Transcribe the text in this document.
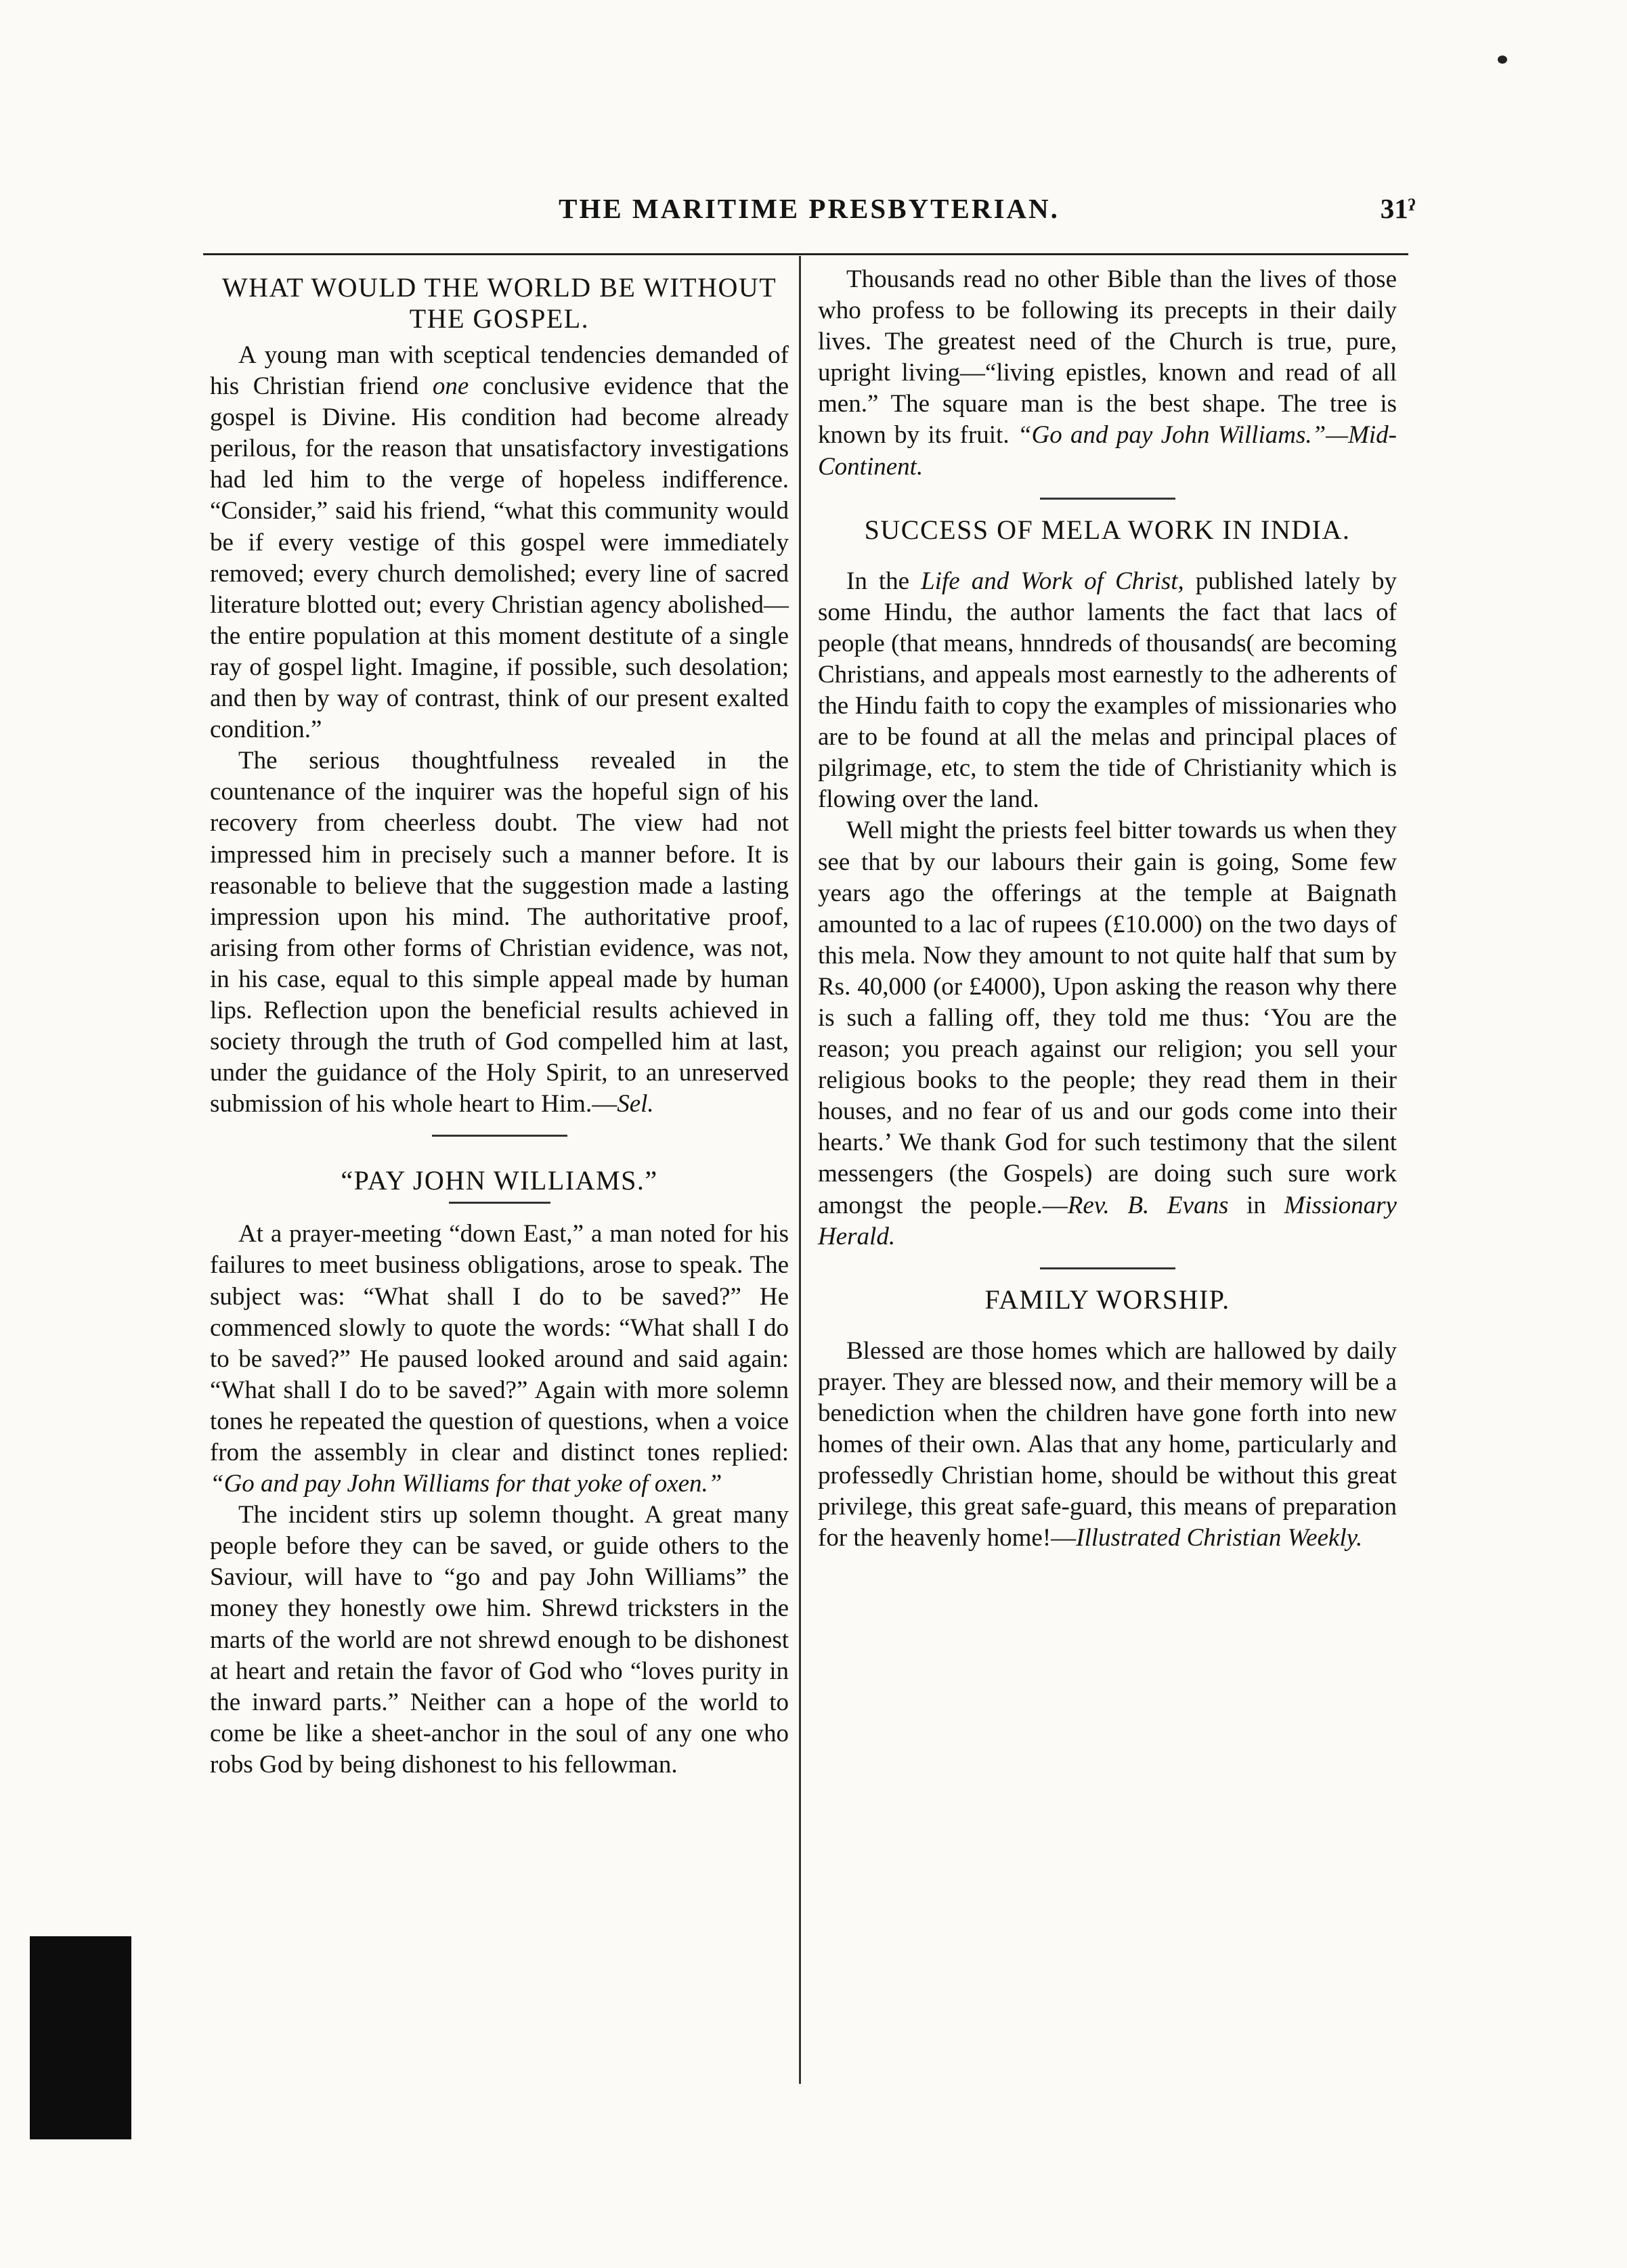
THE MARITIME PRESBYTERIAN.	31ˀ
WHAT WOULD THE WORLD BE WITHOUT THE GOSPEL.

A young man with sceptical tendencies demanded of his Christian friend one conclusive evidence that the gospel is Divine. His condition had become already perilous, for the reason that unsatisfactory investigations had led him to the verge of hopeless indifference. “Consider,” said his friend, “what this community would be if every vestige of this gospel were immediately removed; every church demolished; every line of sacred literature blotted out; every Christian agency abolished—the entire population at this moment destitute of a single ray of gospel light. Imagine, if possible, such desolation; and then by way of contrast, think of our present exalted condition.”

The serious thoughtfulness revealed in the countenance of the inquirer was the hopeful sign of his recovery from cheerless doubt. The view had not impressed him in precisely such a manner before. It is reasonable to believe that the suggestion made a lasting impression upon his mind. The authoritative proof, arising from other forms of Christian evidence, was not, in his case, equal to this simple appeal made by human lips. Reflection upon the beneficial results achieved in society through the truth of God compelled him at last, under the guidance of the Holy Spirit, to an unreserved submission of his whole heart to Him.—Sel.

“PAY JOHN WILLIAMS.”

At a prayer-meeting “down East,” a man noted for his failures to meet business obligations, arose to speak. The subject was: “What shall I do to be saved?” He commenced slowly to quote the words: “What shall I do to be saved?” He paused looked around and said again: “What shall I do to be saved?” Again with more solemn tones he repeated the question of questions, when a voice from the assembly in clear and distinct tones replied: “Go and pay John Williams for that yoke of oxen.”

The incident stirs up solemn thought. A great many people before they can be saved, or guide others to the Saviour, will have to “go and pay John Williams” the money they honestly owe him. Shrewd tricksters in the marts of the world are not shrewd enough to be dishonest at heart and retain the favor of God who “loves purity in the inward parts.” Neither can a hope of the world to come be like a sheet-anchor in the soul of any one who robs God by being dishonest to his fellowman.

Thousands read no other Bible than the lives of those who profess to be following its precepts in their daily lives. The greatest need of the Church is true, pure, upright living—“living epistles, known and read of all men.” The square man is the best shape. The tree is known by its fruit. “Go and pay John Williams.”—Mid-Continent.

SUCCESS OF MELA WORK IN INDIA.

In the Life and Work of Christ, published lately by some Hindu, the author laments the fact that lacs of people (that means, hnndreds of thousands( are becoming Christians, and appeals most earnestly to the adherents of the Hindu faith to copy the examples of missionaries who are to be found at all the melas and principal places of pilgrimage, etc, to stem the tide of Christianity which is flowing over the land.

Well might the priests feel bitter towards us when they see that by our labours their gain is going, Some few years ago the offerings at the temple at Baignath amounted to a lac of rupees (£10.000) on the two days of this mela. Now they amount to not quite half that sum by Rs. 40,000 (or £4000), Upon asking the reason why there is such a falling off, they told me thus: ‘You are the reason; you preach against our religion; you sell your religious books to the people; they read them in their houses, and no fear of us and our gods come into their hearts.’ We thank God for such testimony that the silent messengers (the Gospels) are doing such sure work amongst the people.—Rev. B. Evans in Missionary Herald.

FAMILY WORSHIP.

Blessed are those homes which are hallowed by daily prayer. They are blessed now, and their memory will be a benediction when the children have gone forth into new homes of their own. Alas that any home, particularly and professedly Christian home, should be without this great privilege, this great safe-guard, this means of preparation for the heavenly home!—Illustrated Christian Weekly.
